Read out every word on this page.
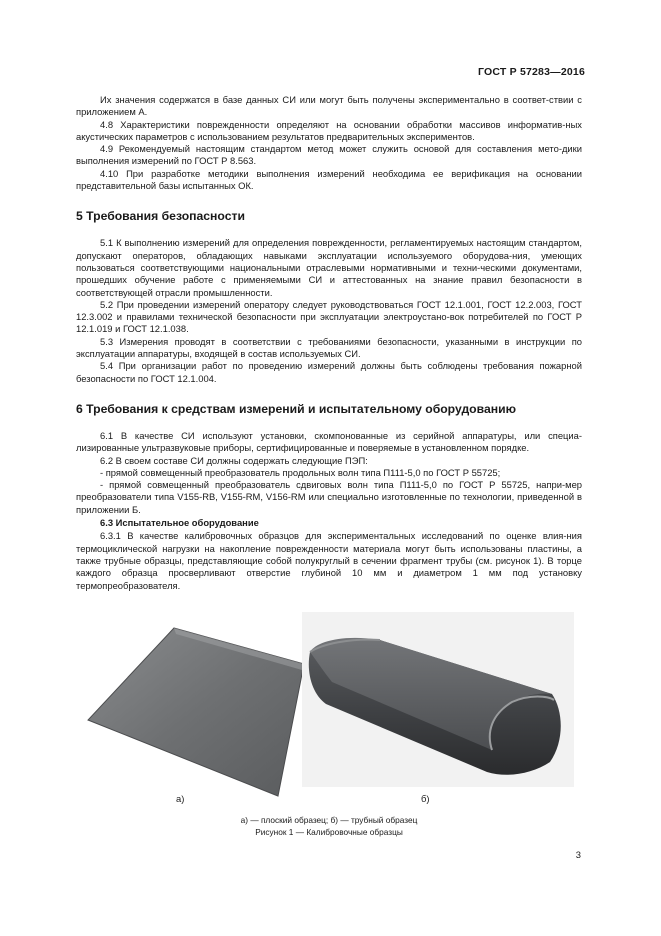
ГОСТ Р 57283—2016

Их значения содержатся в базе данных СИ или могут быть получены экспериментально в соответ-ствии с приложением А.

4.8 Характеристики поврежденности определяют на основании обработки массивов информатив-ных акустических параметров с использованием результатов предварительных экспериментов.

4.9 Рекомендуемый настоящим стандартом метод может служить основой для составления мето-дики выполнения измерений по ГОСТ Р 8.563.

4.10 При разработке методики выполнения измерений необходима ее верификация на основании представительной базы испытанных ОК.

5 Требования безопасности

5.1 К выполнению измерений для определения поврежденности, регламентируемых настоящим стандартом, допускают операторов, обладающих навыками эксплуатации используемого оборудова-ния, умеющих пользоваться соответствующими национальными отраслевыми нормативными и техни-ческими документами, прошедших обучение работе с применяемыми СИ и аттестованных на знание правил безопасности в соответствующей отрасли промышленности.

5.2 При проведении измерений оператору следует руководствоваться ГОСТ 12.1.001, ГОСТ 12.2.003, ГОСТ 12.3.002 и правилами технической безопасности при эксплуатации электроустано-вок потребителей по ГОСТ Р 12.1.019 и ГОСТ 12.1.038.

5.3 Измерения проводят в соответствии с требованиями безопасности, указанными в инструкции по эксплуатации аппаратуры, входящей в состав используемых СИ.

5.4 При организации работ по проведению измерений должны быть соблюдены требования пожарной безопасности по ГОСТ 12.1.004.

6 Требования к средствам измерений и испытательному оборудованию

6.1 В качестве СИ используют установки, скомпонованные из серийной аппаратуры, или специа-лизированные ультразвуковые приборы, сертифицированные и поверяемые в установленном порядке.

6.2 В своем составе СИ должны содержать следующие ПЭП:

- прямой совмещенный преобразователь продольных волн типа П111-5,0 по ГОСТ Р 55725;

- прямой совмещенный преобразователь сдвиговых волн типа П111-5,0 по ГОСТ Р 55725, напри-мер преобразователи типа V155-RB, V155-RM, V156-RM или специально изготовленные по технологии, приведенной в приложении Б.

6.3 Испытательное оборудование

6.3.1 В качестве калибровочных образцов для экспериментальных исследований по оценке влия-ния термоциклической нагрузки на накопление поврежденности материала могут быть использованы пластины, а также трубные образцы, представляющие собой полукруглый в сечении фрагмент трубы (см. рисунок 1). В торце каждого образца просверливают отверстие глубиной 10 мм и диаметром 1 мм под установку термопреобразователя.

а)	б)
а) — плоский образец; б) — трубный образец
Рисунок 1 — Калибровочные образцы
3
